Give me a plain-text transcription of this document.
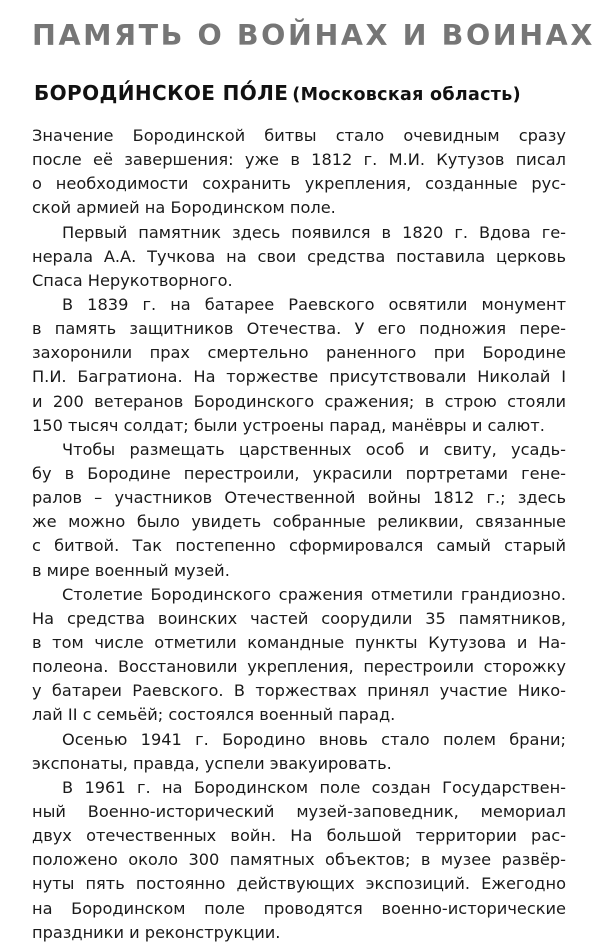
ПАМЯТЬ О ВОЙНАХ И ВОИНАХ
БОРОДИ́НСКОЕ ПО́ЛЕ (Московская область)
Значение Бородинской битвы стало очевидным сразу
после её завершения: уже в 1812 г. М.И. Кутузов писал
о необходимости сохранить укрепления, созданные рус-
ской армией на Бородинском поле.
Первый памятник здесь появился в 1820 г. Вдова ге-
нерала А.А. Тучкова на свои средства поставила церковь
Спаса Нерукотворного.
В 1839 г. на батарее Раевского освятили монумент
в память защитников Отечества. У его подножия пере-
захоронили прах смертельно раненного при Бородине
П.И. Багратиона. На торжестве присутствовали Николай I
и 200 ветеранов Бородинского сражения; в строю стояли
150 тысяч солдат; были устроены парад, манёвры и салют.
Чтобы размещать царственных особ и свиту, усадь-
бу в Бородине перестроили, украсили портретами гене-
ралов – участников Отечественной войны 1812 г.; здесь
же можно было увидеть собранные реликвии, связанные
с битвой. Так постепенно сформировался самый старый
в мире военный музей.
Столетие Бородинского сражения отметили грандиозно.
На средства воинских частей соорудили 35 памятников,
в том числе отметили командные пункты Кутузова и На-
полеона. Восстановили укрепления, перестроили сторожку
у батареи Раевского. В торжествах принял участие Нико-
лай II с семьёй; состоялся военный парад.
Осенью 1941 г. Бородино вновь стало полем брани;
экспонаты, правда, успели эвакуировать.
В 1961 г. на Бородинском поле создан Государствен-
ный Военно-исторический музей-заповедник, мемориал
двух отечественных войн. На большой территории рас-
положено около 300 памятных объектов; в музее развёр-
нуты пять постоянно действующих экспозиций. Ежегодно
на Бородинском поле проводятся военно-исторические
праздники и реконструкции.
